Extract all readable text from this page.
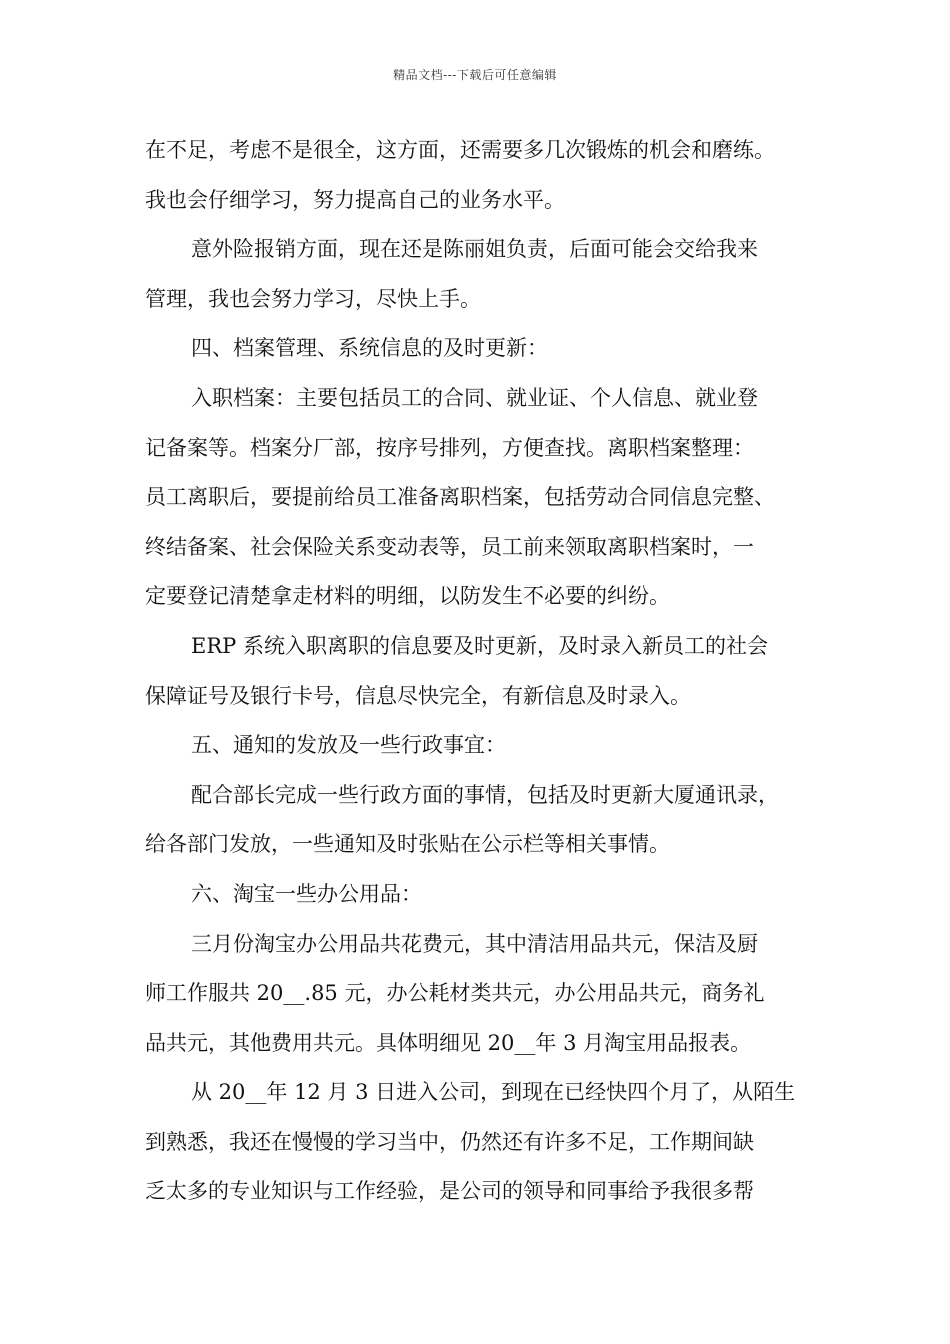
精品文档---下载后可任意编辑
在不足，考虑不是很全，这方面，还需要多几次锻炼的机会和磨练。
我也会仔细学习，努力提高自己的业务水平。
意外险报销方面，现在还是陈丽姐负责，后面可能会交给我来
管理，我也会努力学习，尽快上手。
四、档案管理、系统信息的及时更新：
入职档案：主要包括员工的合同、就业证、个人信息、就业登
记备案等。档案分厂部，按序号排列，方便查找。离职档案整理：
员工离职后，要提前给员工准备离职档案，包括劳动合同信息完整、
终结备案、社会保险关系变动表等，员工前来领取离职档案时，一
定要登记清楚拿走材料的明细，以防发生不必要的纠纷。
ERP 系统入职离职的信息要及时更新，及时录入新员工的社会
保障证号及银行卡号，信息尽快完全，有新信息及时录入。
五、通知的发放及一些行政事宜：
配合部长完成一些行政方面的事情，包括及时更新大厦通讯录，
给各部门发放，一些通知及时张贴在公示栏等相关事情。
六、淘宝一些办公用品：
三月份淘宝办公用品共花费元，其中清洁用品共元，保洁及厨
师工作服共 20__.85 元，办公耗材类共元，办公用品共元，商务礼
品共元，其他费用共元。具体明细见 20__年 3 月淘宝用品报表。
从 20__年 12 月 3 日进入公司，到现在已经快四个月了，从陌生
到熟悉，我还在慢慢的学习当中，仍然还有许多不足，工作期间缺
乏太多的专业知识与工作经验，是公司的领导和同事给予我很多帮
